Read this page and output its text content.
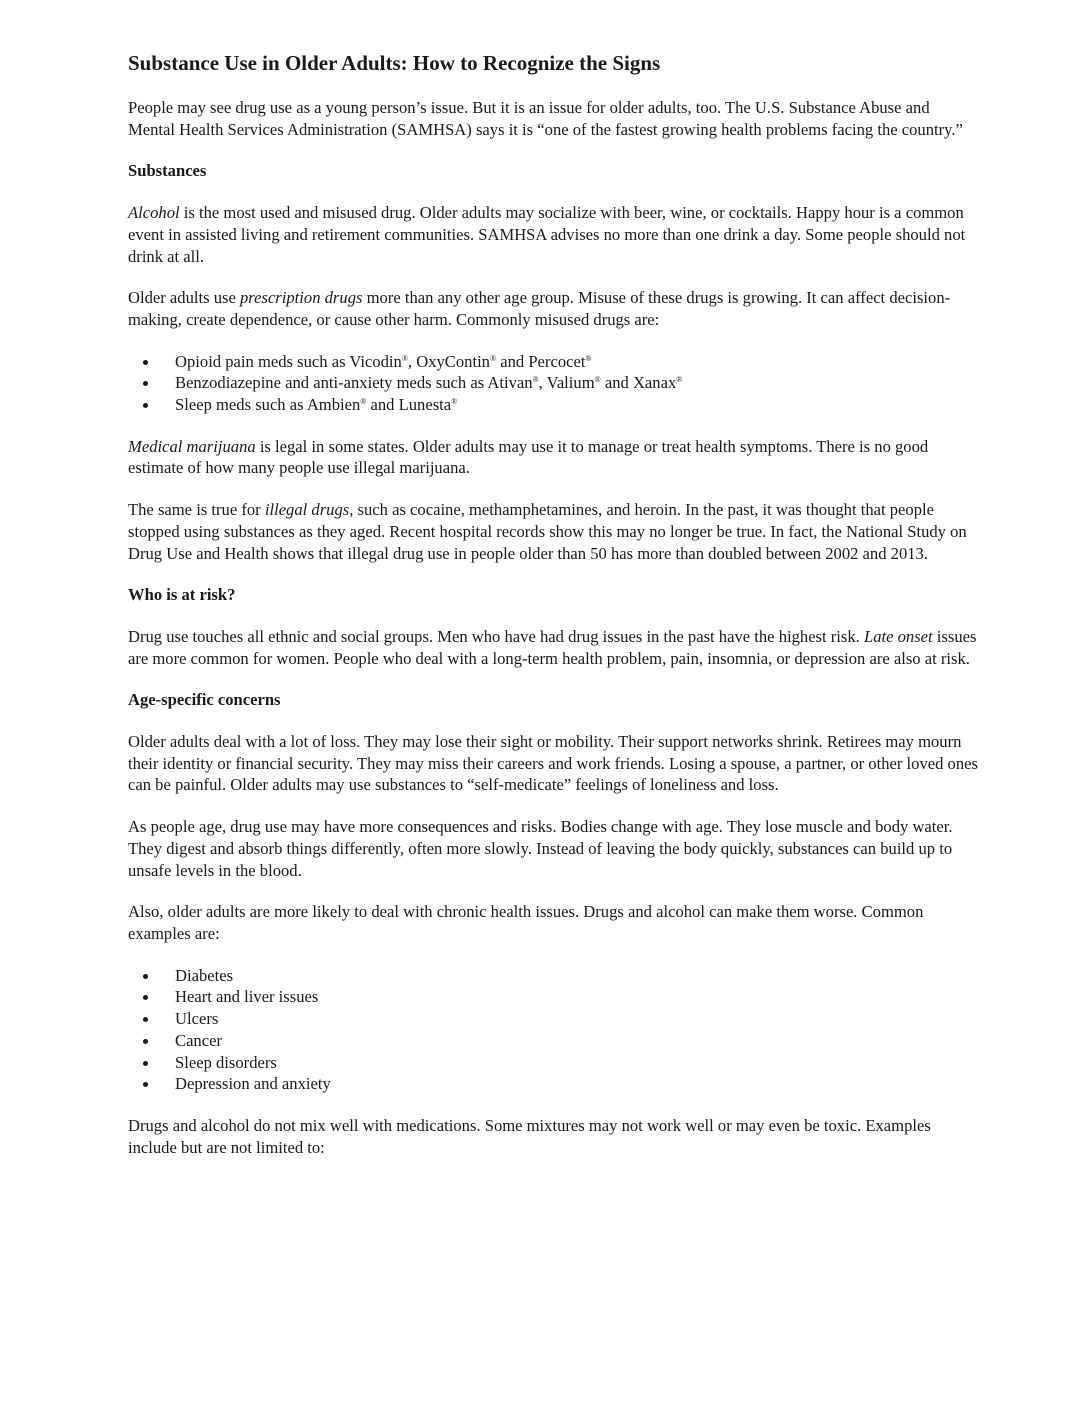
Substance Use in Older Adults: How to Recognize the Signs

People may see drug use as a young person’s issue. But it is an issue for older adults, too. The U.S. Substance Abuse and Mental Health Services Administration (SAMHSA) says it is “one of the fastest growing health problems facing the country.”

Substances

Alcohol is the most used and misused drug. Older adults may socialize with beer, wine, or cocktails. Happy hour is a common event in assisted living and retirement communities. SAMHSA advises no more than one drink a day. Some people should not drink at all.

Older adults use prescription drugs more than any other age group. Misuse of these drugs is growing. It can affect decision-making, create dependence, or cause other harm. Commonly misused drugs are:

Opioid pain meds such as Vicodin®, OxyContin® and Percocet®
Benzodiazepine and anti-anxiety meds such as Ativan®, Valium® and Xanax®
Sleep meds such as Ambien® and Lunesta®

Medical marijuana is legal in some states. Older adults may use it to manage or treat health symptoms. There is no good estimate of how many people use illegal marijuana.

The same is true for illegal drugs, such as cocaine, methamphetamines, and heroin. In the past, it was thought that people stopped using substances as they aged. Recent hospital records show this may no longer be true. In fact, the National Study on Drug Use and Health shows that illegal drug use in people older than 50 has more than doubled between 2002 and 2013.

Who is at risk?

Drug use touches all ethnic and social groups. Men who have had drug issues in the past have the highest risk. Late onset issues are more common for women. People who deal with a long-term health problem, pain, insomnia, or depression are also at risk.

Age-specific concerns

Older adults deal with a lot of loss. They may lose their sight or mobility. Their support networks shrink. Retirees may mourn their identity or financial security. They may miss their careers and work friends. Losing a spouse, a partner, or other loved ones can be painful. Older adults may use substances to “self-medicate” feelings of loneliness and loss.

As people age, drug use may have more consequences and risks. Bodies change with age. They lose muscle and body water. They digest and absorb things differently, often more slowly. Instead of leaving the body quickly, substances can build up to unsafe levels in the blood.

Also, older adults are more likely to deal with chronic health issues. Drugs and alcohol can make them worse. Common examples are:

Diabetes
Heart and liver issues
Ulcers
Cancer
Sleep disorders
Depression and anxiety

Drugs and alcohol do not mix well with medications. Some mixtures may not work well or may even be toxic. Examples include but are not limited to:
